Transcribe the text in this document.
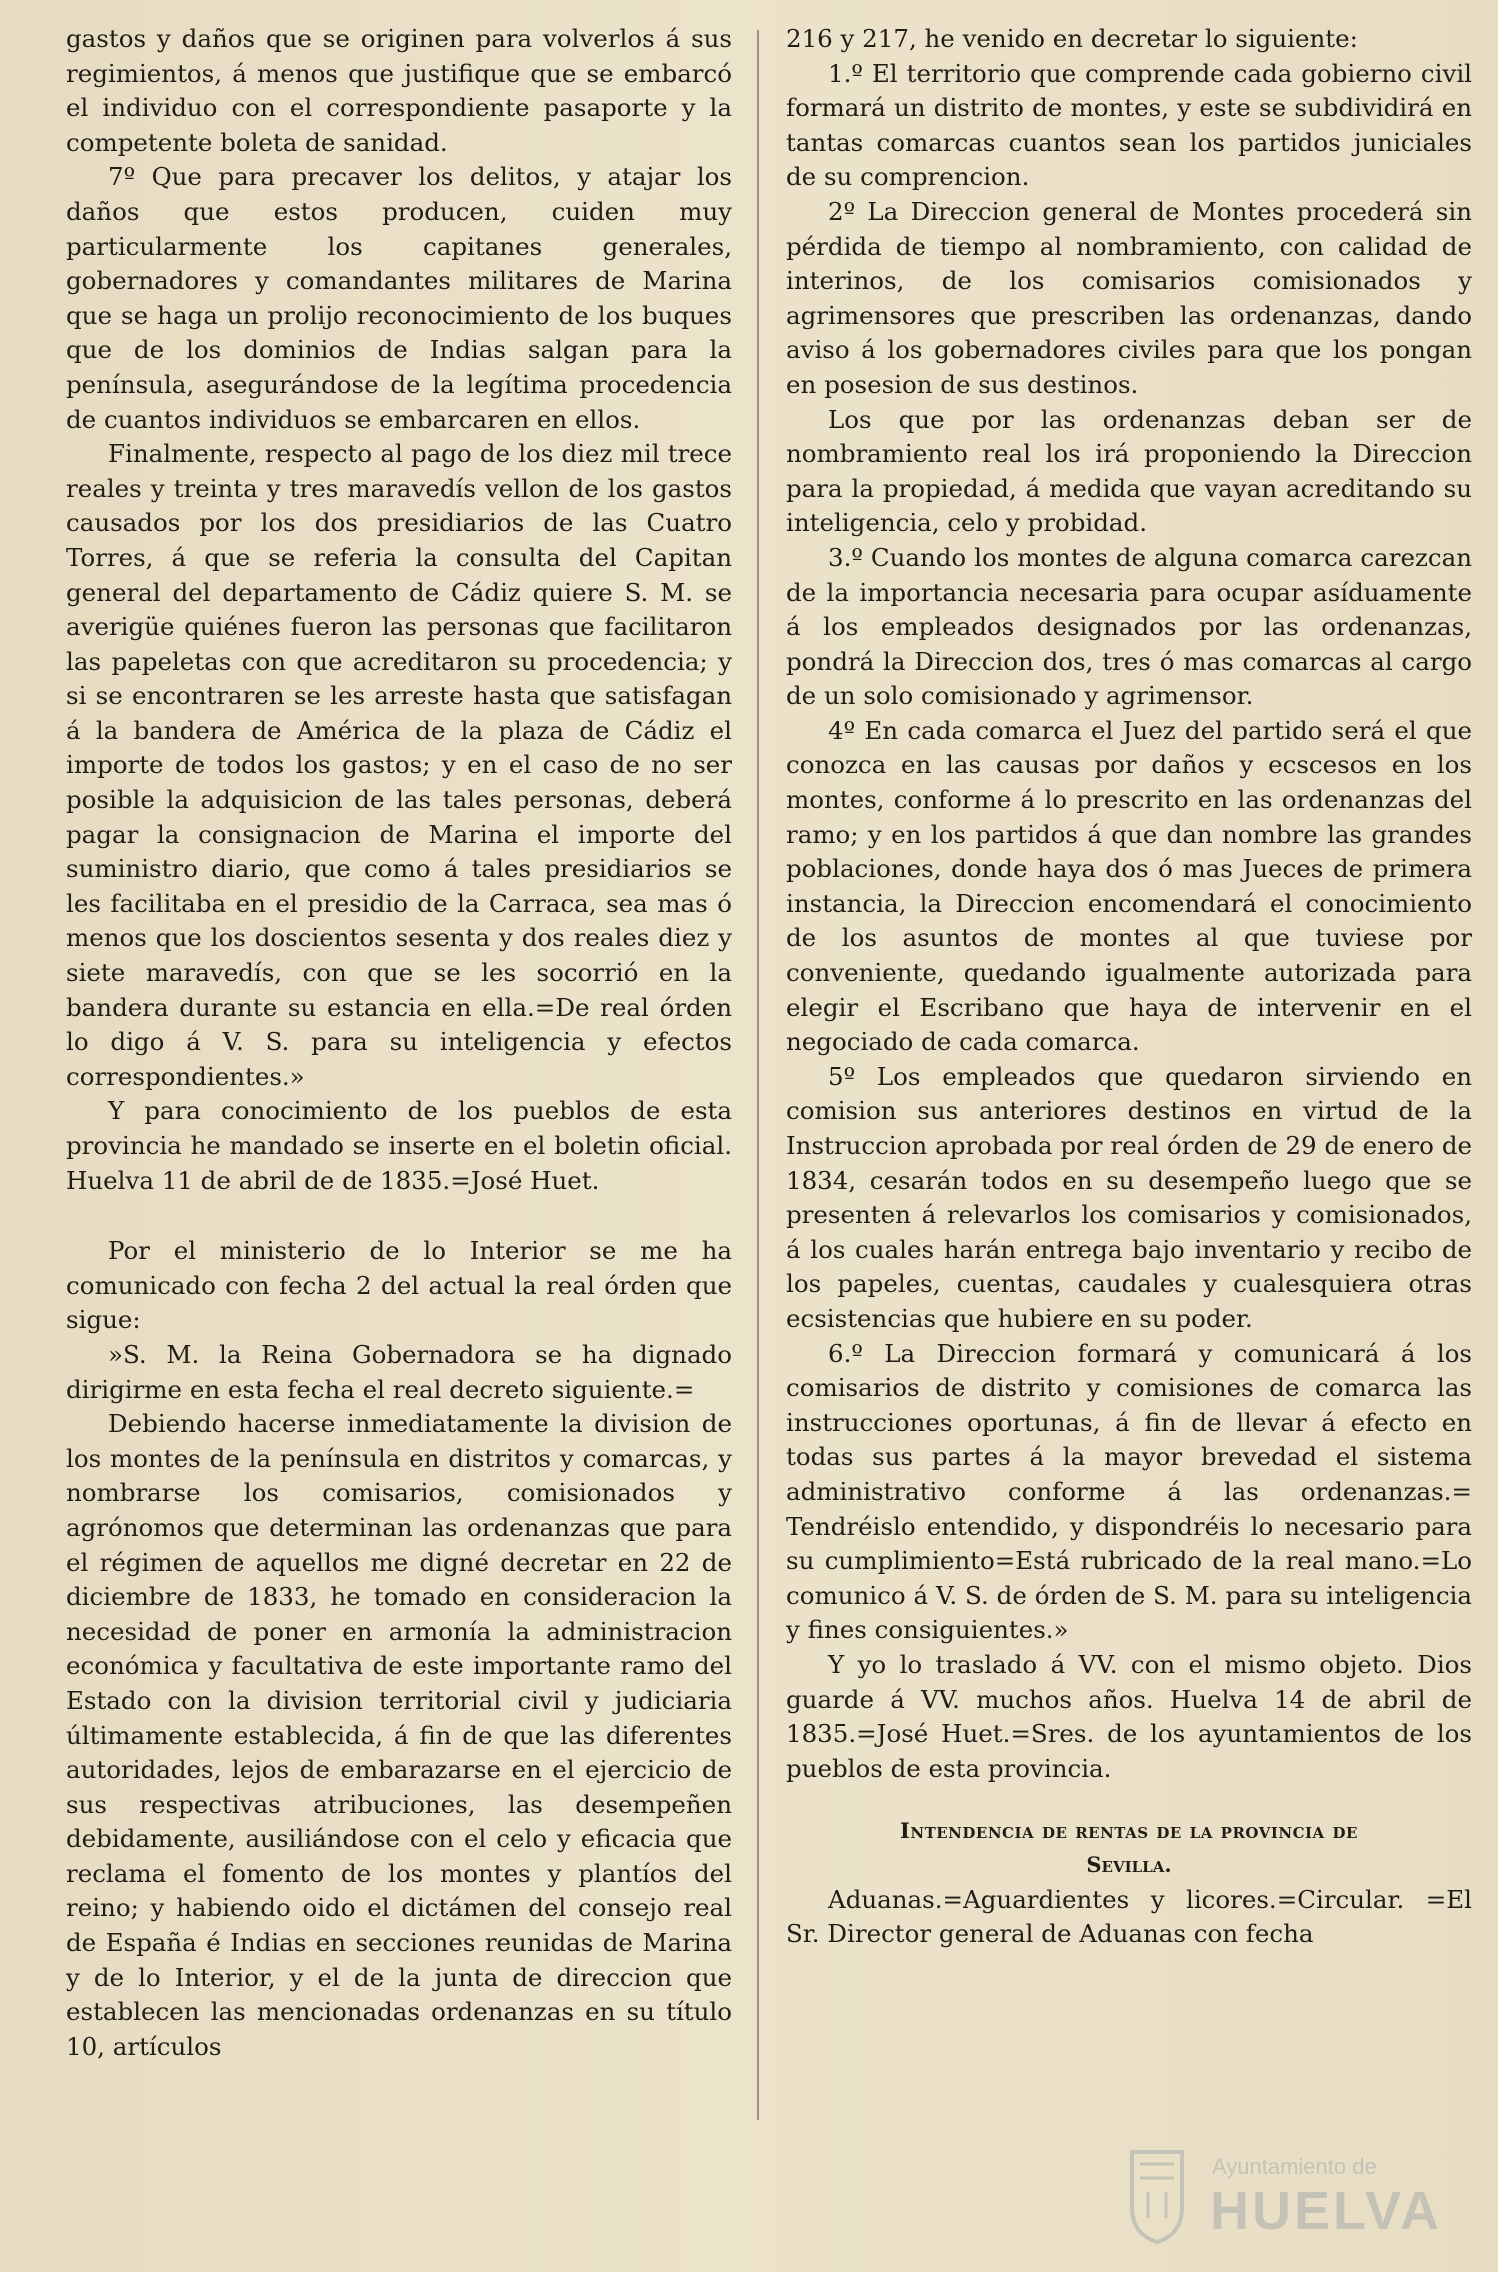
gastos y daños que se originen para volverlos á sus regimientos, á menos que justifique que se embarcó el individuo con el correspondiente pasaporte y la competente boleta de sanidad.

7º Que para precaver los delitos, y atajar los daños que estos producen, cuiden muy particularmente los capitanes generales, gobernadores y comandantes militares de Marina que se haga un prolijo reconocimiento de los buques que de los dominios de Indias salgan para la península, asegurándose de la legítima procedencia de cuantos individuos se embarcaren en ellos.

Finalmente, respecto al pago de los diez mil trece reales y treinta y tres maravedís vellon de los gastos causados por los dos presidiarios de las Cuatro Torres, á que se referia la consulta del Capitan general del departamento de Cádiz quiere S. M. se averigüe quiénes fueron las personas que facilitaron las papeletas con que acreditaron su procedencia; y si se encontraren se les arreste hasta que satisfagan á la bandera de América de la plaza de Cádiz el importe de todos los gastos; y en el caso de no ser posible la adquisicion de las tales personas, deberá pagar la consignacion de Marina el importe del suministro diario, que como á tales presidiarios se les facilitaba en el presidio de la Carraca, sea mas ó menos que los doscientos sesenta y dos reales diez y siete maravedís, con que se les socorrió en la bandera durante su estancia en ella.=De real órden lo digo á V. S. para su inteligencia y efectos correspondientes.»

Y para conocimiento de los pueblos de esta provincia he mandado se inserte en el boletin oficial. Huelva 11 de abril de de 1835.=José Huet.

Por el ministerio de lo Interior se me ha comunicado con fecha 2 del actual la real órden que sigue:

»S. M. la Reina Gobernadora se ha dignado dirigirme en esta fecha el real decreto siguiente.=

Debiendo hacerse inmediatamente la division de los montes de la península en distritos y comarcas, y nombrarse los comisarios, comisionados y agrónomos que determinan las ordenanzas que para el régimen de aquellos me digné decretar en 22 de diciembre de 1833, he tomado en consideracion la necesidad de poner en armonía la administracion económica y facultativa de este importante ramo del Estado con la division territorial civil y judiciaria últimamente establecida, á fin de que las diferentes autoridades, lejos de embarazarse en el ejercicio de sus respectivas atribuciones, las desempeñen debidamente, ausiliándose con el celo y eficacia que reclama el fomento de los montes y plantíos del reino; y habiendo oido el dictámen del consejo real de España é Indias en secciones reunidas de Marina y de lo Interior, y el de la junta de direccion que establecen las mencionadas ordenanzas en su título 10, artículos

216 y 217, he venido en decretar lo siguiente:

1.º El territorio que comprende cada gobierno civil formará un distrito de montes, y este se subdividirá en tantas comarcas cuantos sean los partidos juniciales de su comprencion.

2º La Direccion general de Montes procederá sin pérdida de tiempo al nombramiento, con calidad de interinos, de los comisarios comisionados y agrimensores que prescriben las ordenanzas, dando aviso á los gobernadores civiles para que los pongan en posesion de sus destinos.

Los que por las ordenanzas deban ser de nombramiento real los irá proponiendo la Direccion para la propiedad, á medida que vayan acreditando su inteligencia, celo y probidad.

3.º Cuando los montes de alguna comarca carezcan de la importancia necesaria para ocupar asíduamente á los empleados designados por las ordenanzas, pondrá la Direccion dos, tres ó mas comarcas al cargo de un solo comisionado y agrimensor.

4º En cada comarca el Juez del partido será el que conozca en las causas por daños y ecscesos en los montes, conforme á lo prescrito en las ordenanzas del ramo; y en los partidos á que dan nombre las grandes poblaciones, donde haya dos ó mas Jueces de primera instancia, la Direccion encomendará el conocimiento de los asuntos de montes al que tuviese por conveniente, quedando igualmente autorizada para elegir el Escribano que haya de intervenir en el negociado de cada comarca.

5º Los empleados que quedaron sirviendo en comision sus anteriores destinos en virtud de la Instruccion aprobada por real órden de 29 de enero de 1834, cesarán todos en su desempeño luego que se presenten á relevarlos los comisarios y comisionados, á los cuales harán entrega bajo inventario y recibo de los papeles, cuentas, caudales y cualesquiera otras ecsistencias que hubiere en su poder.

6.º La Direccion formará y comunicará á los comisarios de distrito y comisiones de comarca las instrucciones oportunas, á fin de llevar á efecto en todas sus partes á la mayor brevedad el sistema administrativo conforme á las ordenanzas.= Tendréislo entendido, y dispondréis lo necesario para su cumplimiento=Está rubricado de la real mano.=Lo comunico á V. S. de órden de S. M. para su inteligencia y fines consiguientes.»

Y yo lo traslado á VV. con el mismo objeto. Dios guarde á VV. muchos años. Huelva 14 de abril de 1835.=José Huet.=Sres. de los ayuntamientos de los pueblos de esta provincia.

Intendencia de rentas de la provincia de

Sevilla.

Aduanas.=Aguardientes y licores.=Circular. =El Sr. Director general de Aduanas con fecha

Ayuntamiento de
HUELVA
